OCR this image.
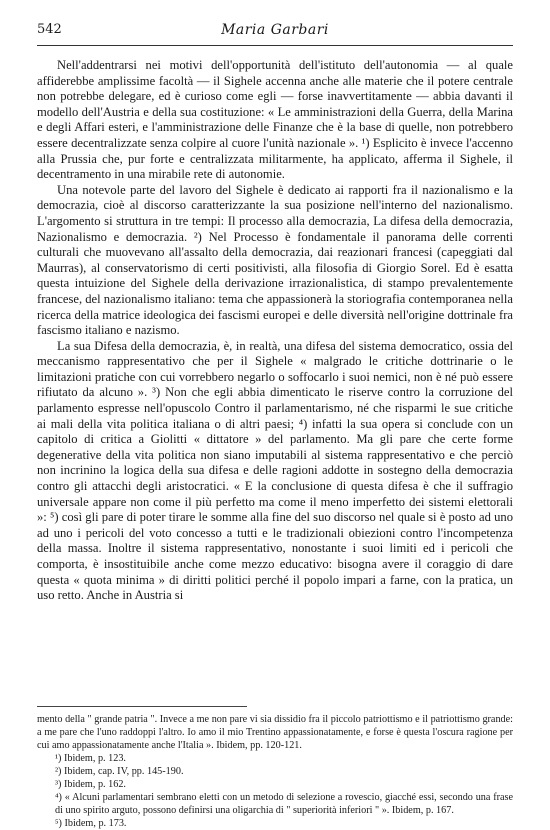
542	Maria Garbari

Nell'addentrarsi nei motivi dell'opportunità dell'istituto dell'autonomia — al quale affiderebbe amplissime facoltà — il Sighele accenna anche alle materie che il potere centrale non potrebbe delegare, ed è curioso come egli — forse inavvertitamente — abbia davanti il modello dell'Austria e della sua costituzione: « Le amministrazioni della Guerra, della Marina e degli Affari esteri, e l'amministrazione delle Finanze che è la base di quelle, non potrebbero essere decentralizzate senza colpire al cuore l'unità nazionale ». ¹) Esplicito è invece l'accenno alla Prussia che, pur forte e centralizzata militarmente, ha applicato, afferma il Sighele, il decentramento in una mirabile rete di autonomie.

Una notevole parte del lavoro del Sighele è dedicato ai rapporti fra il nazionalismo e la democrazia, cioè al discorso caratterizzante la sua posizione nell'interno del nazionalismo. L'argomento si struttura in tre tempi: Il processo alla democrazia, La difesa della democrazia, Nazionalismo e democrazia. ²) Nel Processo è fondamentale il panorama delle correnti culturali che muovevano all'assalto della democrazia, dai reazionari francesi (capeggiati dal Maurras), al conservatorismo di certi positivisti, alla filosofia di Giorgio Sorel. Ed è esatta questa intuizione del Sighele della derivazione irrazionalistica, di stampo prevalentemente francese, del nazionalismo italiano: tema che appassionerà la storiografia contemporanea nella ricerca della matrice ideologica dei fascismi europei e delle diversità nell'origine dottrinale fra fascismo italiano e nazismo.

La sua Difesa della democrazia, è, in realtà, una difesa del sistema democratico, ossia del meccanismo rappresentativo che per il Sighele « malgrado le critiche dottrinarie o le limitazioni pratiche con cui vorrebbero negarlo o soffocarlo i suoi nemici, non è né può essere rifiutato da alcuno ». ³) Non che egli abbia dimenticato le riserve contro la corruzione del parlamento espresse nell'opuscolo Contro il parlamentarismo, né che risparmi le sue critiche ai mali della vita politica italiana o di altri paesi; ⁴) infatti la sua opera si conclude con un capitolo di critica a Giolitti « dittatore » del parlamento. Ma gli pare che certe forme degenerative della vita politica non siano imputabili al sistema rappresentativo e che perciò non incrinino la logica della sua difesa e delle ragioni addotte in sostegno della democrazia contro gli attacchi degli aristocratici. « E la conclusione di questa difesa è che il suffragio universale appare non come il più perfetto ma come il meno imperfetto dei sistemi elettorali »: ⁵) così gli pare di poter tirare le somme alla fine del suo discorso nel quale si è posto ad uno ad uno i pericoli del voto concesso a tutti e le tradizionali obiezioni contro l'incompetenza della massa. Inoltre il sistema rappresentativo, nonostante i suoi limiti ed i pericoli che comporta, è insostituibile anche come mezzo educativo: bisogna avere il coraggio di dare questa « quota minima » di diritti politici perché il popolo impari a farne, con la pratica, un uso retto. Anche in Austria si

mento della " grande patria ". Invece a me non pare vi sia dissidio fra il piccolo patriottismo e il patriottismo grande: a me pare che l'uno raddoppi l'altro. Io amo il mio Trentino appassionatamente, e forse è questa l'oscura ragione per cui amo appassionatamente anche l'Italia ». Ibidem, pp. 120-121.

¹) Ibidem, p. 123.

²) Ibidem, cap. IV, pp. 145-190.

³) Ibidem, p. 162.

⁴) « Alcuni parlamentari sembrano eletti con un metodo di selezione a rovescio, giacché essi, secondo una frase di uno spirito arguto, possono definirsi una oligarchia di " superiorità inferiori " ». Ibidem, p. 167.

⁵) Ibidem, p. 173.
